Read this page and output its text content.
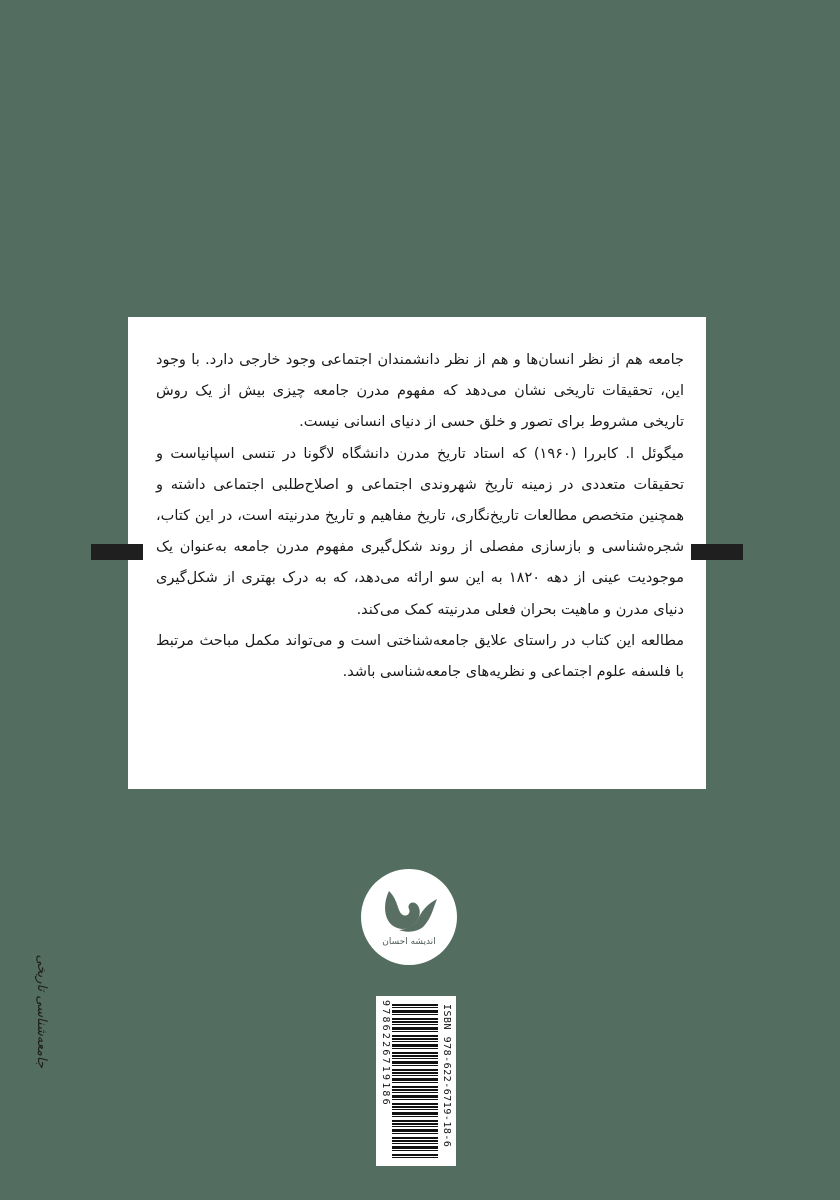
جامعه هم از نظر انسان‌ها و هم از نظر دانشمندان اجتماعی وجود خارجی دارد. با وجود این، تحقیقات تاریخی نشان می‌دهد که مفهوم مدرن جامعه چیزی بیش از یک روش تاریخی مشروط برای تصور و خلق حسی از دنیای انسانی نیست.

میگوئل ا. کابررا (۱۹۶۰) که استاد تاریخ مدرن دانشگاه لاگونا در تنسی اسپانیاست و تحقیقات متعددی در زمینه تاریخ شهروندی اجتماعی و اصلاح‌طلبی اجتماعی داشته و همچنین متخصص مطالعات تاریخ‌نگاری، تاریخ مفاهیم و تاریخ مدرنیته است، در این کتاب، شجره‌شناسی و بازسازی مفصلی از روند شکل‌گیری مفهوم مدرن جامعه به‌عنوان یک موجودیت عینی از دهه ۱۸۲۰ به این سو ارائه می‌دهد، که به درک بهتری از شکل‌گیری دنیای مدرن و ماهیت بحران فعلی مدرنیته کمک می‌کند.

مطالعه این کتاب در راستای علایق جامعه‌شناختی است و می‌تواند مکمل مباحث مرتبط با فلسفه علوم اجتماعی و نظریه‌های جامعه‌شناسی باشد.

اندیشه احسان
ISBN 978-622-6719-18-6
9786226719186
جامعه‌شناسی تاریخی
